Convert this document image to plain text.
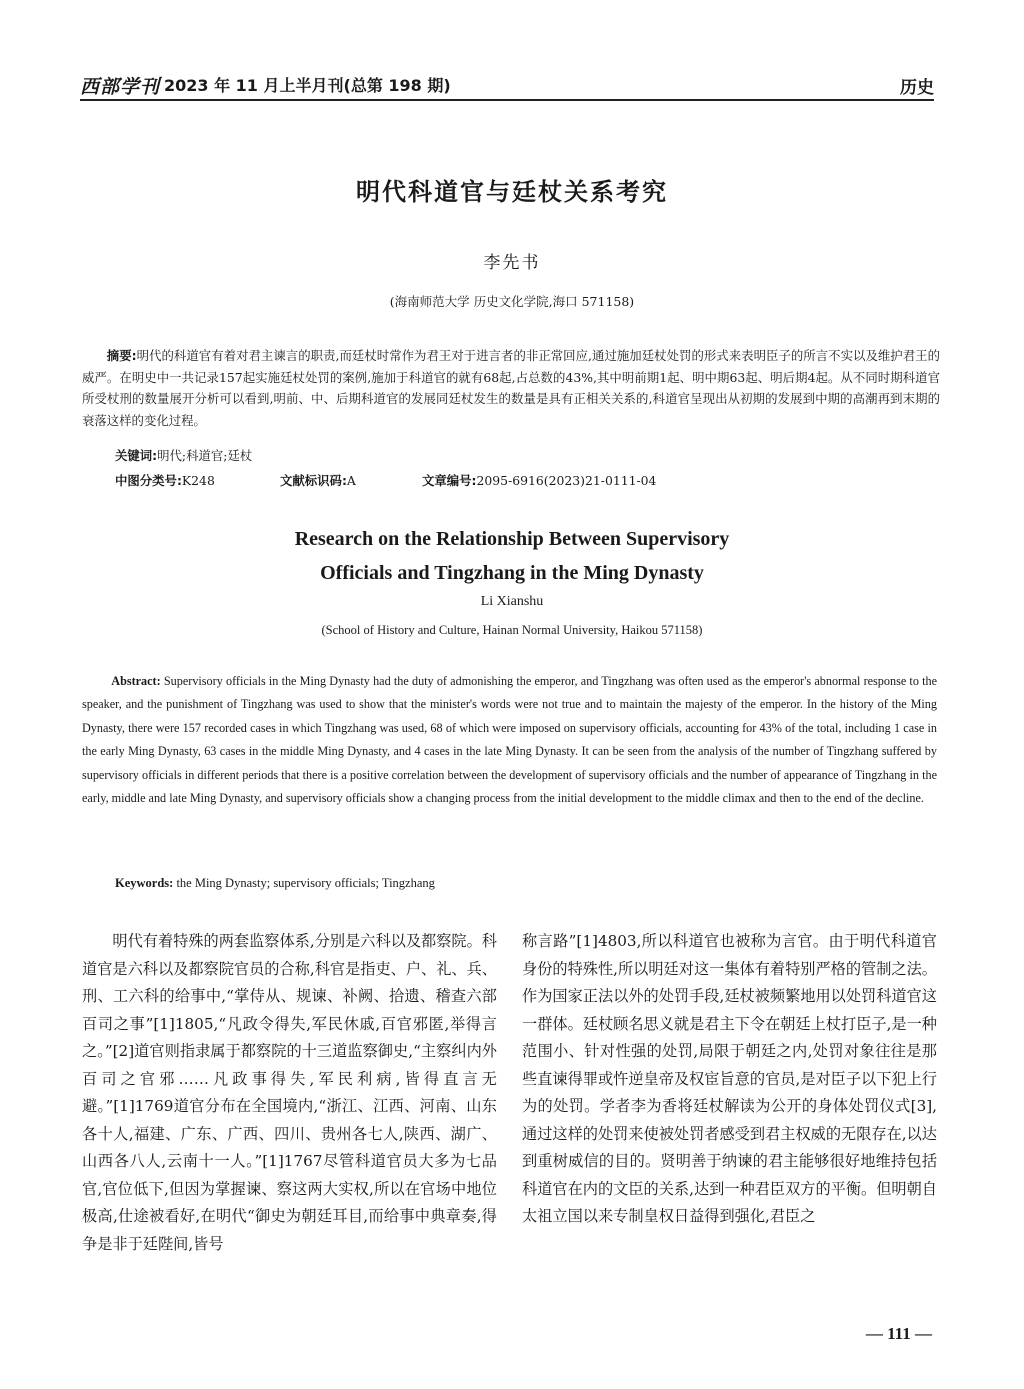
西部学刊 2023 年 11 月上半月刊(总第 198 期)	历史
明代科道官与廷杖关系考究
李先书
(海南师范大学 历史文化学院,海口 571158)
摘要:明代的科道官有着对君主谏言的职责,而廷杖时常作为君王对于进言者的非正常回应,通过施加廷杖处罚的形式来表明臣子的所言不实以及维护君王的威严。在明史中一共记录157起实施廷杖处罚的案例,施加于科道官的就有68起,占总数的43%,其中明前期1起、明中期63起、明后期4起。从不同时期科道官所受杖刑的数量展开分析可以看到,明前、中、后期科道官的发展同廷杖发生的数量是具有正相关关系的,科道官呈现出从初期的发展到中期的高潮再到末期的衰落这样的变化过程。
关键词:明代;科道官;廷杖
中图分类号:K248	文献标识码:A	文章编号:2095-6916(2023)21-0111-04
Research on the Relationship Between Supervisory
Officials and Tingzhang in the Ming Dynasty
Li Xianshu
(School of History and Culture, Hainan Normal University, Haikou 571158)
Abstract: Supervisory officials in the Ming Dynasty had the duty of admonishing the emperor, and Tingzhang was often used as the emperor's abnormal response to the speaker, and the punishment of Tingzhang was used to show that the minister's words were not true and to maintain the majesty of the emperor. In the history of the Ming Dynasty, there were 157 recorded cases in which Tingzhang was used, 68 of which were imposed on supervisory officials, accounting for 43% of the total, including 1 case in the early Ming Dynasty, 63 cases in the middle Ming Dynasty, and 4 cases in the late Ming Dynasty. It can be seen from the analysis of the number of Tingzhang suffered by supervisory officials in different periods that there is a positive correlation between the development of supervisory officials and the number of appearance of Tingzhang in the early, middle and late Ming Dynasty, and supervisory officials show a changing process from the initial development to the middle climax and then to the end of the decline.
Keywords: the Ming Dynasty; supervisory officials; Tingzhang

明代有着特殊的两套监察体系,分别是六科以及都察院。科道官是六科以及都察院官员的合称,科官是指吏、户、礼、兵、刑、工六科的给事中,“掌侍从、规谏、补阙、拾遗、稽查六部百司之事”[1]1805,“凡政令得失,军民休戚,百官邪匿,举得言之。”[2]道官则指隶属于都察院的十三道监察御史,“主察纠内外百司之官邪……凡政事得失,军民利病,皆得直言无避。”[1]1769道官分布在全国境内,“浙江、江西、河南、山东各十人,福建、广东、广西、四川、贵州各七人,陕西、湖广、山西各八人,云南十一人。”[1]1767尽管科道官员大多为七品官,官位低下,但因为掌握谏、察这两大实权,所以在官场中地位极高,仕途被看好,在明代“御史为朝廷耳目,而给事中典章奏,得争是非于廷陛间,皆号

称言路”[1]4803,所以科道官也被称为言官。由于明代科道官身份的特殊性,所以明廷对这一集体有着特别严格的管制之法。作为国家正法以外的处罚手段,廷杖被频繁地用以处罚科道官这一群体。廷杖顾名思义就是君主下令在朝廷上杖打臣子,是一种范围小、针对性强的处罚,局限于朝廷之内,处罚对象往往是那些直谏得罪或忤逆皇帝及权宦旨意的官员,是对臣子以下犯上行为的处罚。学者李为香将廷杖解读为公开的身体处罚仪式[3],通过这样的处罚来使被处罚者感受到君主权威的无限存在,以达到重树威信的目的。贤明善于纳谏的君主能够很好地维持包括科道官在内的文臣的关系,达到一种君臣双方的平衡。但明朝自太祖立国以来专制皇权日益得到强化,君臣之

— 111 —
